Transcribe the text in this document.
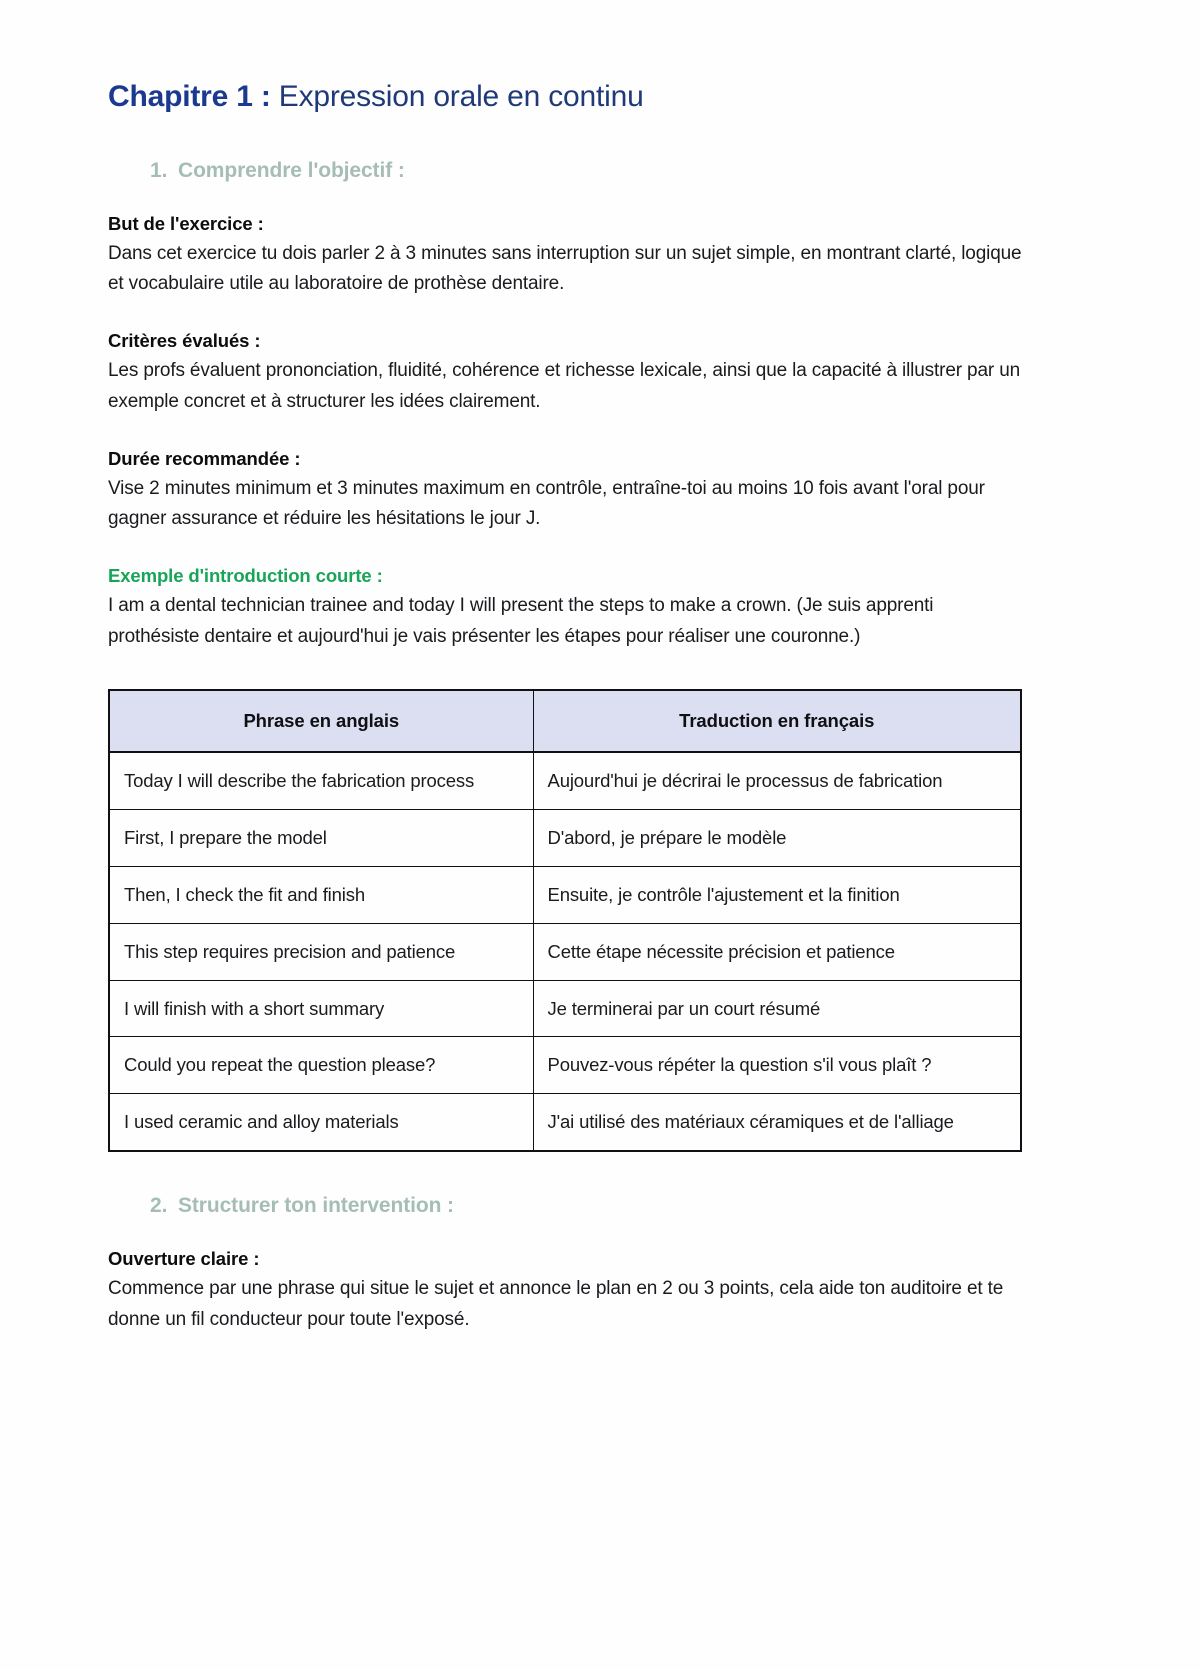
Chapitre 1 : Expression orale en continu
1. Comprendre l'objectif :

But de l'exercice :

Dans cet exercice tu dois parler 2 à 3 minutes sans interruption sur un sujet simple, en montrant clarté, logique et vocabulaire utile au laboratoire de prothèse dentaire.

Critères évalués :

Les profs évaluent prononciation, fluidité, cohérence et richesse lexicale, ainsi que la capacité à illustrer par un exemple concret et à structurer les idées clairement.

Durée recommandée :

Vise 2 minutes minimum et 3 minutes maximum en contrôle, entraîne-toi au moins 10 fois avant l'oral pour gagner assurance et réduire les hésitations le jour J.

Exemple d'introduction courte :

I am a dental technician trainee and today I will present the steps to make a crown. (Je suis apprenti prothésiste dentaire et aujourd'hui je vais présenter les étapes pour réaliser une couronne.)

Phrase en anglais	Traduction en français
Today I will describe the fabrication process	Aujourd'hui je décrirai le processus de fabrication
First, I prepare the model	D'abord, je prépare le modèle
Then, I check the fit and finish	Ensuite, je contrôle l'ajustement et la finition
This step requires precision and patience	Cette étape nécessite précision et patience
I will finish with a short summary	Je terminerai par un court résumé
Could you repeat the question please?	Pouvez-vous répéter la question s'il vous plaît ?
I used ceramic and alloy materials	J'ai utilisé des matériaux céramiques et de l'alliage
2. Structurer ton intervention :

Ouverture claire :

Commence par une phrase qui situe le sujet et annonce le plan en 2 ou 3 points, cela aide ton auditoire et te donne un fil conducteur pour toute l'exposé.
